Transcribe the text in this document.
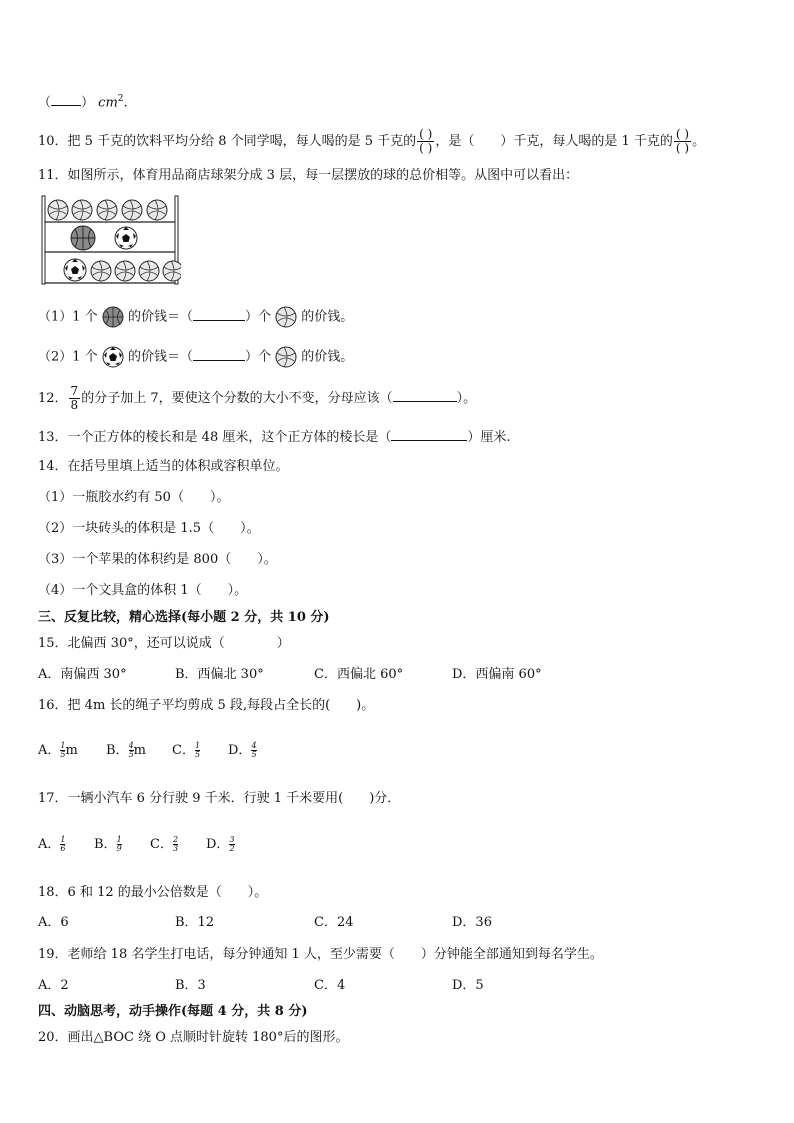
（ ） $cm^2$.
10．把 5 千克的饮料平均分给 8 个同学喝，每人喝的是 5 千克的 $\frac{( )}{( )}$ ，是（　　）千克，每人喝的是 1 千克的 $\frac{( )}{( )}$ 。
11．如图所示，体育用品商店球架分成 3 层，每一层摆放的球的总价相等。从图中可以看出：
（1）1 个 的价钱＝（	）个 的价钱。
（2）1 个 的价钱＝（	）个 的价钱。
12． $\frac{7}{8}$ 的分子加上 7，要使这个分数的大小不变，分母应该（	）。
13．一个正方体的棱长和是 48 厘米，这个正方体的棱长是（	）厘米.
14．在括号里填上适当的体积或容积单位。
（1）一瓶胶水约有 50（　　）。
（2）一块砖头的体积是 1.5（　　）。
（3）一个苹果的体积约是 800（　　）。
（4）一个文具盒的体积 1（　　）。
三、反复比较，精心选择(每小题 2 分，共 10 分)
15．北偏西 30°，还可以说成（　　　　）
A．南偏西 30°	B．西偏北 30°	C．西偏北 60°	D．西偏南 60°
16．把 4m 长的绳子平均剪成 5 段,每段占全长的(　　)。
A． $\frac{1}{5}$ m B． $\frac{4}{5}$ m C． $\frac{1}{5}$ D． $\frac{4}{5}$
17．一辆小汽车 6 分行驶 9 千米．行驶 1 千米要用(　　)分．
A． $\frac{1}{6}$ B． $\frac{1}{9}$ C． $\frac{2}{3}$ D． $\frac{3}{2}$
18．6 和 12 的最小公倍数是（　　）。
A．6	B．12	C．24	D．36
19．老师给 18 名学生打电话，每分钟通知 1 人，至少需要（　　）分钟能全部通知到每名学生。
A．2	B．3	C．4	D．5
四、动脑思考，动手操作(每题 4 分，共 8 分)
20．画出△BOC 绕 O 点顺时针旋转 180°后的图形。
